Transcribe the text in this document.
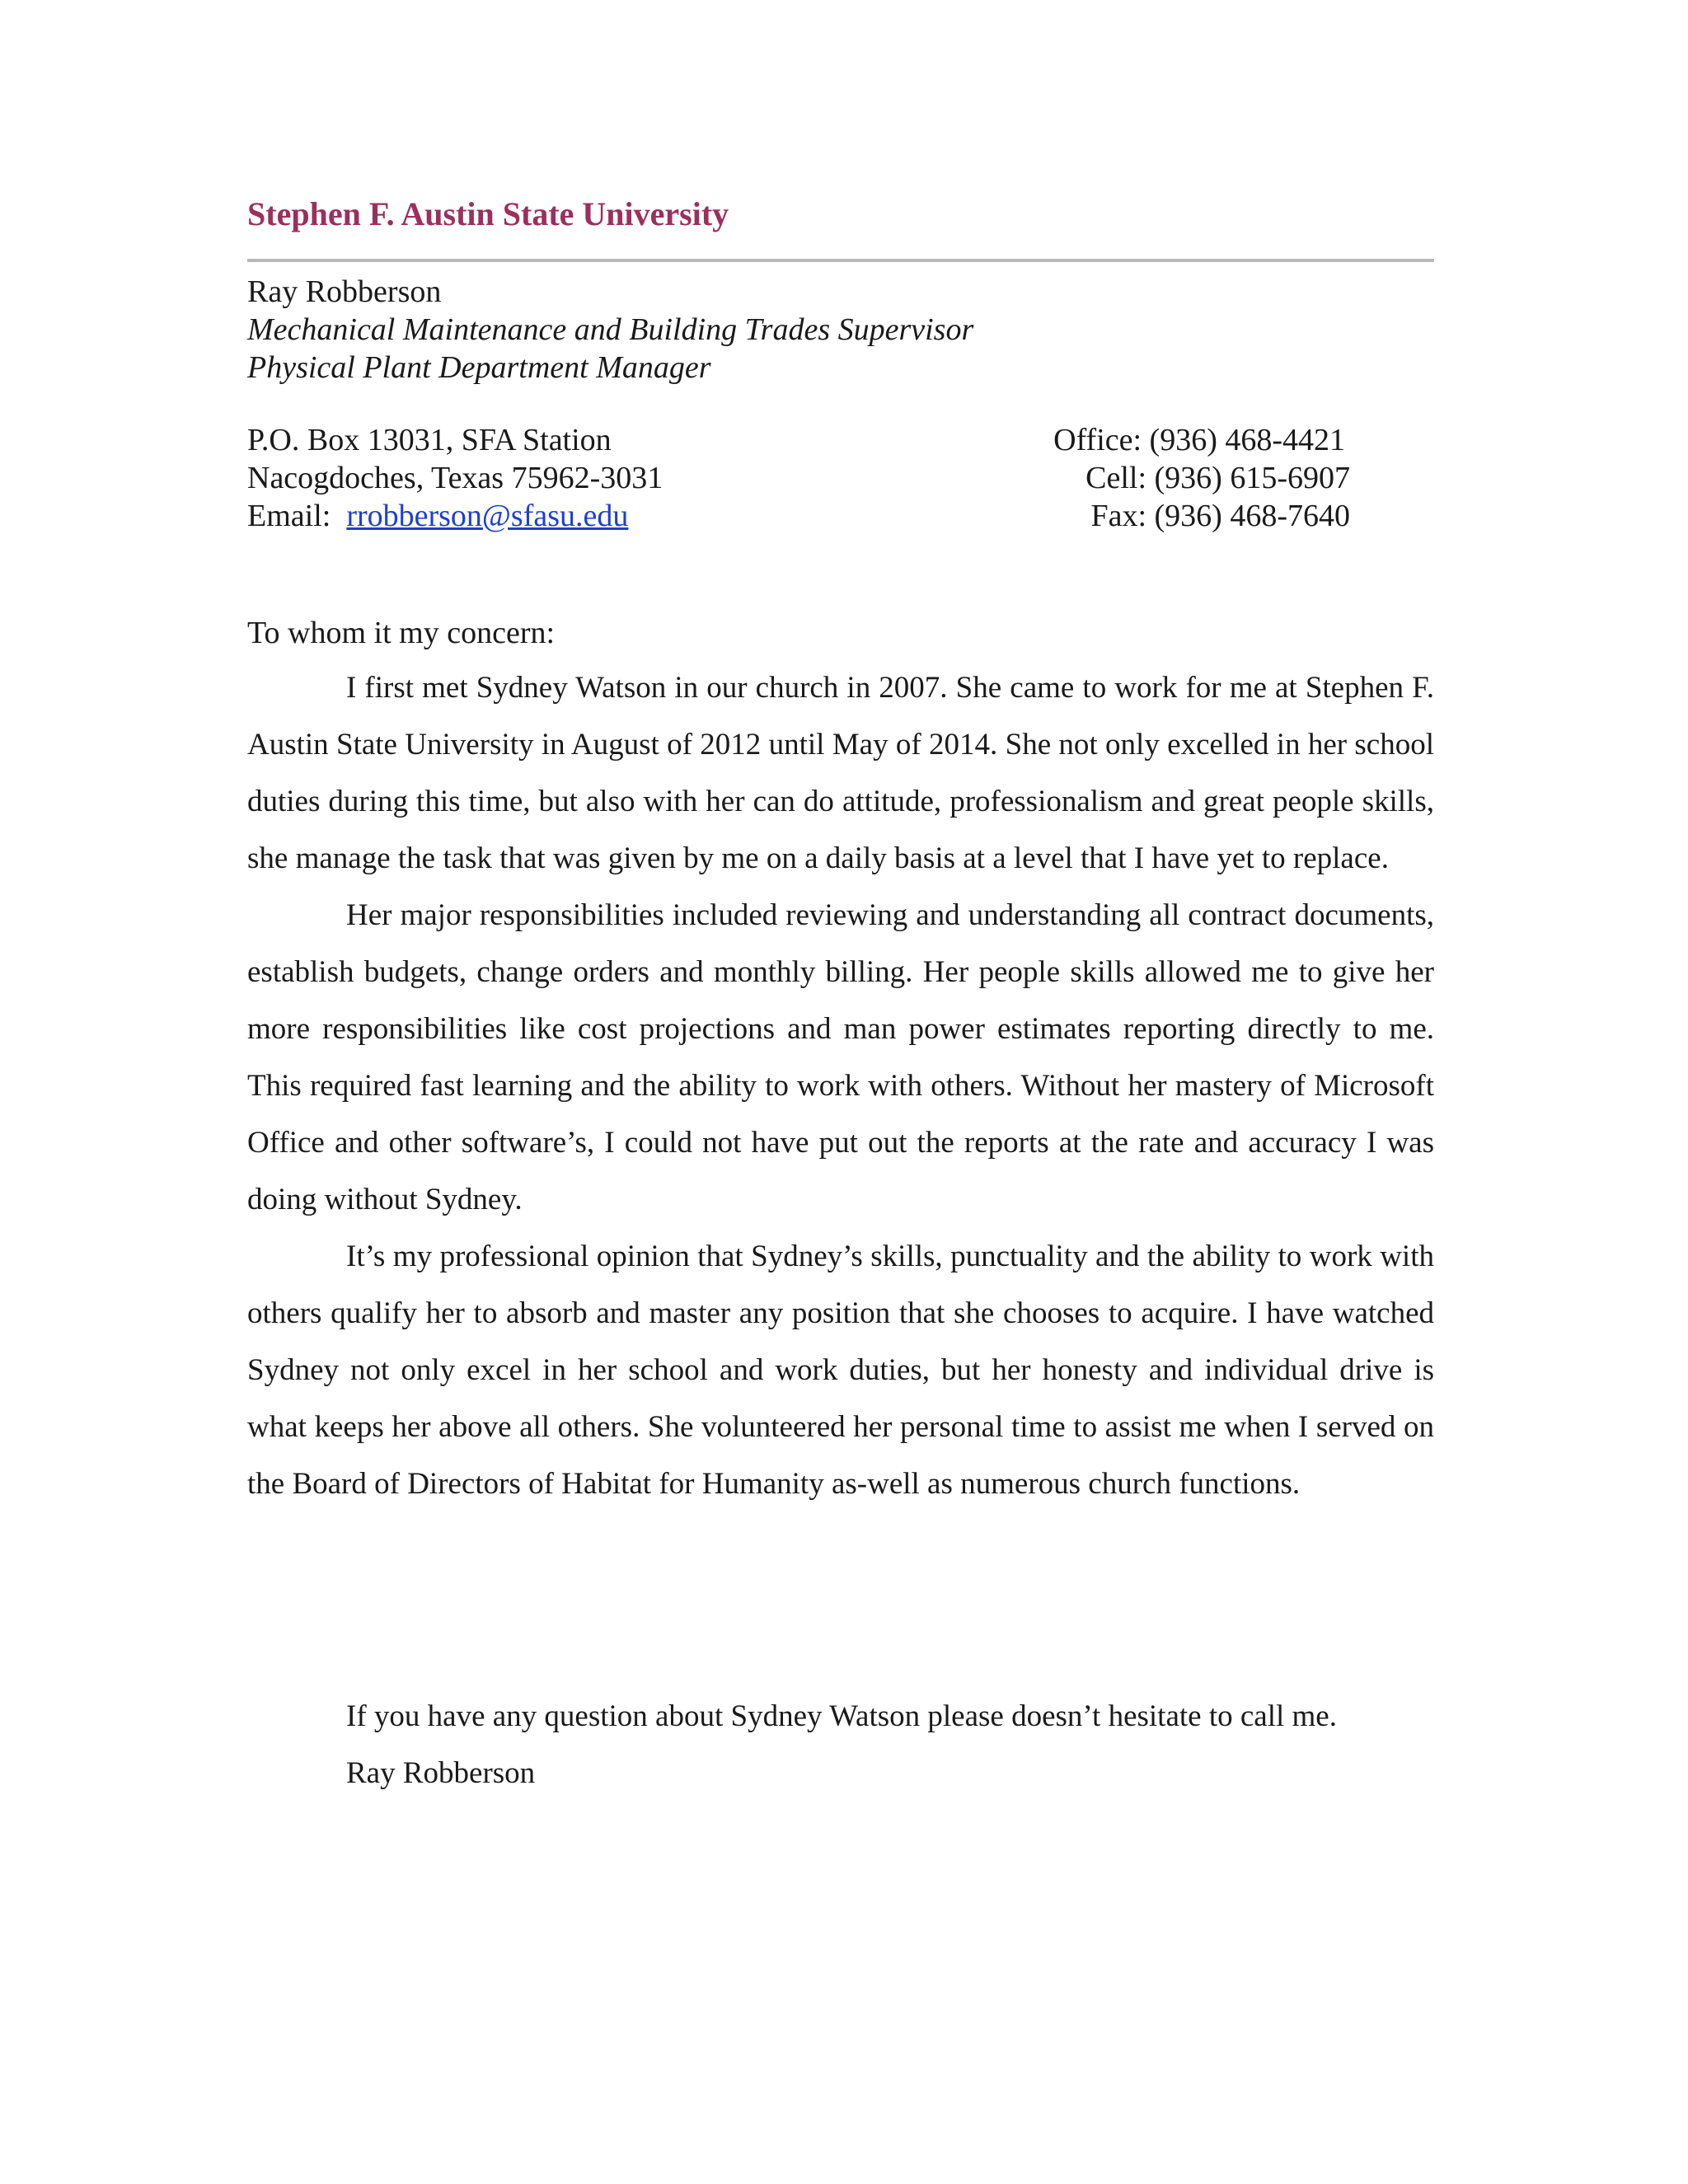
Stephen F. Austin State University
Ray Robberson
Mechanical Maintenance and Building Trades Supervisor
Physical Plant Department Manager
P.O. Box 13031, SFA Station
Nacogdoches, Texas 75962-3031
Email: rrobberson@sfasu.edu
Office: (936) 468-4421
Cell: (936) 615-6907
Fax: (936) 468-7640
To whom it my concern:

I first met Sydney Watson in our church in 2007. She came to work for me at Stephen F. Austin State University in August of 2012 until May of 2014. She not only excelled in her school duties during this time, but also with her can do attitude, professionalism and great people skills, she manage the task that was given by me on a daily basis at a level that I have yet to replace.

Her major responsibilities included reviewing and understanding all contract documents, establish budgets, change orders and monthly billing. Her people skills allowed me to give her more responsibilities like cost projections and man power estimates reporting directly to me. This required fast learning and the ability to work with others. Without her mastery of Microsoft Office and other software’s, I could not have put out the reports at the rate and accuracy I was doing without Sydney.

It’s my professional opinion that Sydney’s skills, punctuality and the ability to work with others qualify her to absorb and master any position that she chooses to acquire. I have watched Sydney not only excel in her school and work duties, but her honesty and individual drive is what keeps her above all others. She volunteered her personal time to assist me when I served on the Board of Directors of Habitat for Humanity as-well as numerous church functions.

If you have any question about Sydney Watson please doesn’t hesitate to call me.
Ray Robberson
